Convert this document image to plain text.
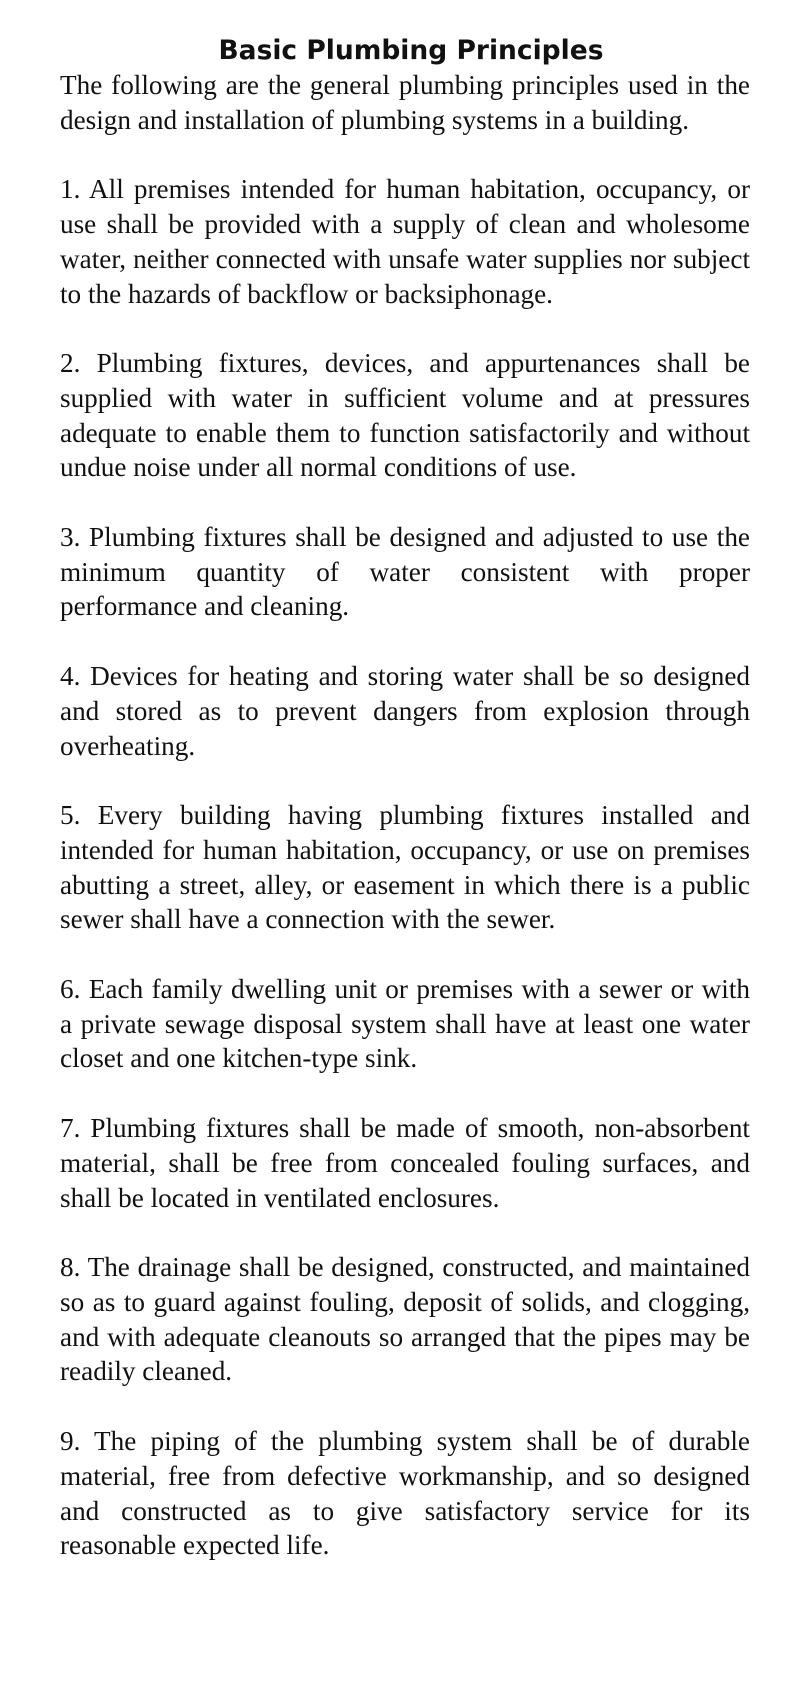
Basic Plumbing Principles

The following are the general plumbing principles used in the design and installation of plumbing systems in a building.

1. All premises intended for human habitation, occupancy, or use shall be provided with a supply of clean and wholesome water, neither connected with unsafe water supplies nor subject to the hazards of backflow or backsiphonage.

2. Plumbing fixtures, devices, and appurtenances shall be supplied with water in sufficient volume and at pressures adequate to enable them to function satisfactorily and without undue noise under all normal conditions of use.

3. Plumbing fixtures shall be designed and adjusted to use the minimum quantity of water consistent with proper performance and cleaning.

4. Devices for heating and storing water shall be so designed and stored as to prevent dangers from explosion through overheating.

5. Every building having plumbing fixtures installed and intended for human habitation, occupancy, or use on premises abutting a street, alley, or easement in which there is a public sewer shall have a connection with the sewer.

6. Each family dwelling unit or premises with a sewer or with a private sewage disposal system shall have at least one water closet and one kitchen-type sink.

7. Plumbing fixtures shall be made of smooth, non-absorbent material, shall be free from concealed fouling surfaces, and shall be located in ventilated enclosures.

8. The drainage shall be designed, constructed, and maintained so as to guard against fouling, deposit of solids, and clogging, and with adequate cleanouts so arranged that the pipes may be readily cleaned.

9. The piping of the plumbing system shall be of durable material, free from defective workmanship, and so designed and constructed as to give satisfactory service for its reasonable expected life.
